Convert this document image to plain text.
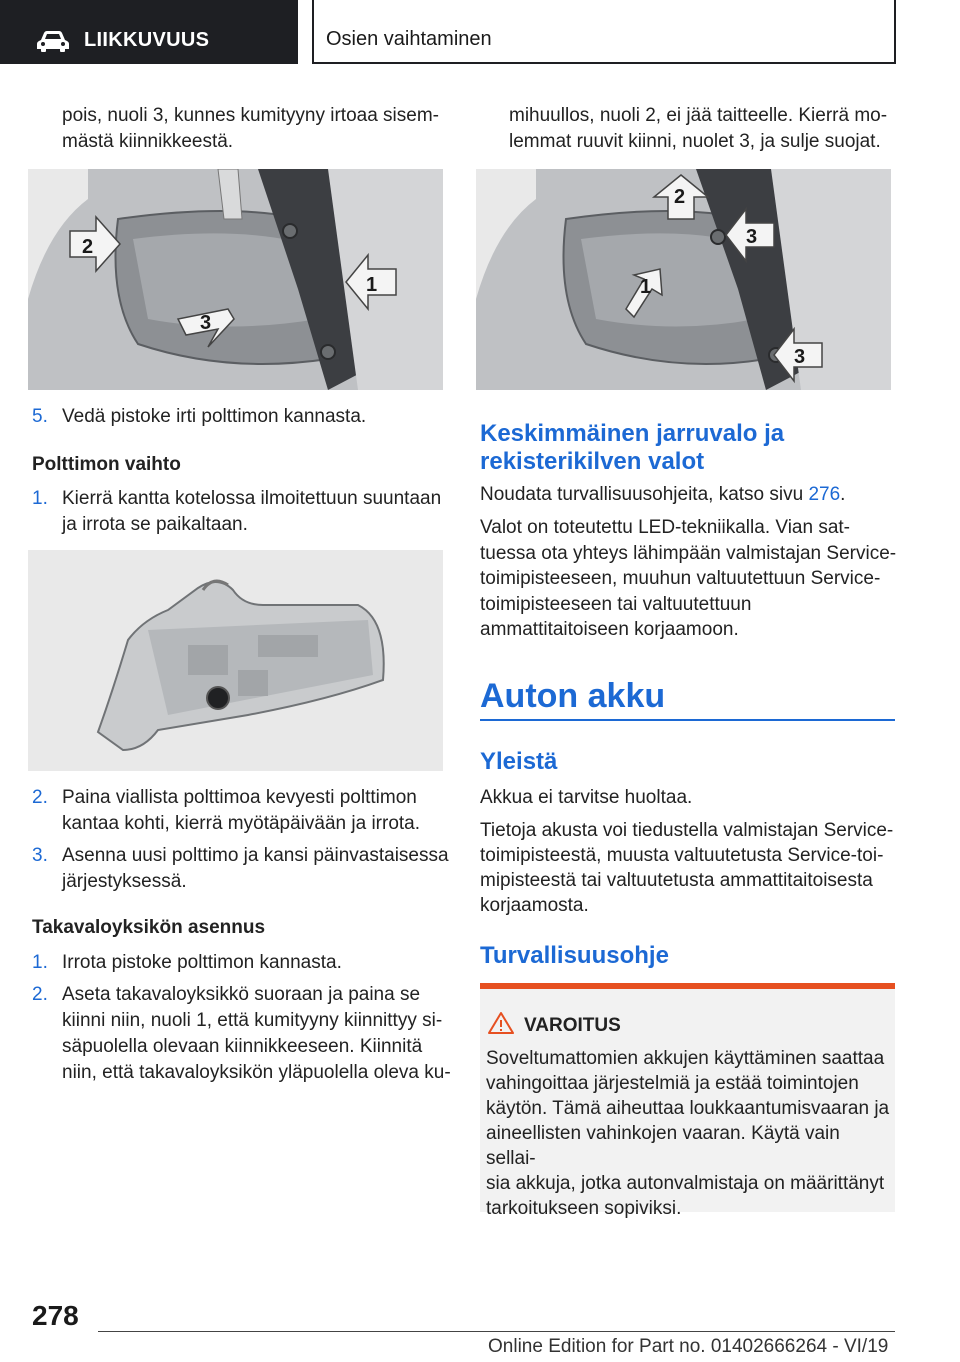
LIIKKUVUUS	Osien vaihtaminen
pois, nuoli 3, kunnes kumityyny irtoaa sisem-
mästä kiinnikkeestä.
2
1
3
5. Vedä pistoke irti polttimon kannasta.
Polttimon vaihto
1. Kierrä kantta kotelossa ilmoitettuun suuntaan
ja irrota se paikaltaan.
2. Paina viallista polttimoa kevyesti polttimon
kantaa kohti, kierrä myötäpäivään ja irrota.
3. Asenna uusi polttimo ja kansi päinvastaisessa
järjestyksessä.
Takavaloyksikön asennus
1. Irrota pistoke polttimon kannasta.
2. Aseta takavaloyksikkö suoraan ja paina se
kiinni niin, nuoli 1, että kumityyny kiinnittyy si-
säpuolella olevaan kiinnikkeeseen. Kiinnitä
niin, että takavaloyksikön yläpuolella oleva ku-
mihuullos, nuoli 2, ei jää taitteelle. Kierrä mo-
lemmat ruuvit kiinni, nuolet 3, ja sulje suojat.
2
3
1
3
Keskimmäinen jarruvalo ja
rekisterikilven valot
Noudata turvallisuusohjeita, katso sivu 276.
Valot on toteutettu LED-tekniikalla. Vian sat-
tuessa ota yhteys lähimpään valmistajan Service-
toimipisteeseen, muuhun valtuutettuun Service-
toimipisteeseen tai valtuutettuun
ammattitaitoiseen korjaamoon.
Auton akku
Yleistä
Akkua ei tarvitse huoltaa.
Tietoja akusta voi tiedustella valmistajan Service-
toimipisteestä, muusta valtuutetusta Service-toi-
mipisteestä tai valtuutetusta ammattitaitoisesta
korjaamosta.
Turvallisuusohje
VAROITUS
Soveltumattomien akkujen käyttäminen saattaa
vahingoittaa järjestelmiä ja estää toimintojen
käytön. Tämä aiheuttaa loukkaantumisvaaran ja
aineellisten vahinkojen vaaran. Käytä vain sellai-
sia akkuja, jotka autonvalmistaja on määrittänyt
tarkoitukseen sopiviksi.
278
Online Edition for Part no. 01402666264 - VI/19
